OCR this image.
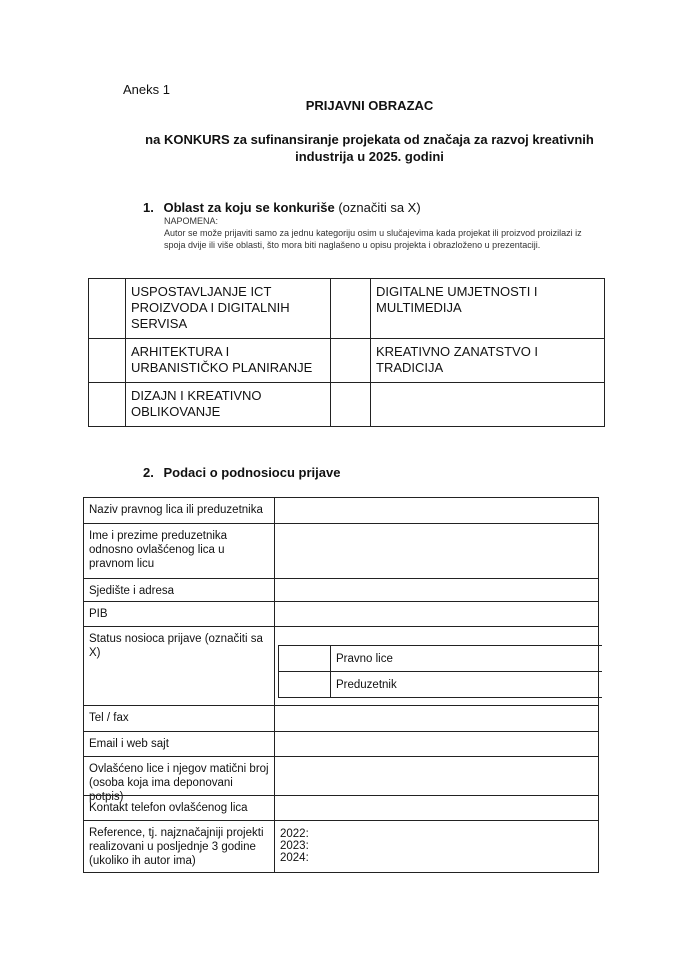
Aneks 1
PRIJAVNI OBRAZAC
na KONKURS za sufinansiranje projekata od značaja za razvoj kreativnih
industrija u 2025. godini
1. Oblast za koju se konkuriše (označiti sa X)
NAPOMENA:
Autor se može prijaviti samo za jednu kategoriju osim u slučajevima kada projekat ili proizvod proizilazi iz spoja dvije ili više oblasti, što mora biti naglašeno u opisu projekta i obrazloženo u prezentaciji.
USPOSTAVLJANJE ICT PROIZVODA I DIGITALNIH SERVISA
DIGITALNE UMJETNOSTI I MULTIMEDIJA
ARHITEKTURA I URBANISTIČKO PLANIRANJE
KREATIVNO ZANATSTVO I TRADICIJA
DIZAJN I KREATIVNO OBLIKOVANJE
2. Podaci o podnosiocu prijave
Naziv pravnog lica ili preduzetnika
Ime i prezime preduzetnika odnosno ovlašćenog lica u pravnom licu
Sjedište i adresa
PIB
Status nosioca prijave (označiti sa X)
Tel / fax
Email i web sajt
Ovlašćeno lice i njegov matični broj (osoba koja ima deponovani potpis)
Kontakt telefon ovlašćenog lica
Reference, tj. najznačajniji projekti realizovani u posljednje 3 godine (ukoliko ih autor ima)
2022:
2023:
2024:
Pravno lice
Preduzetnik
